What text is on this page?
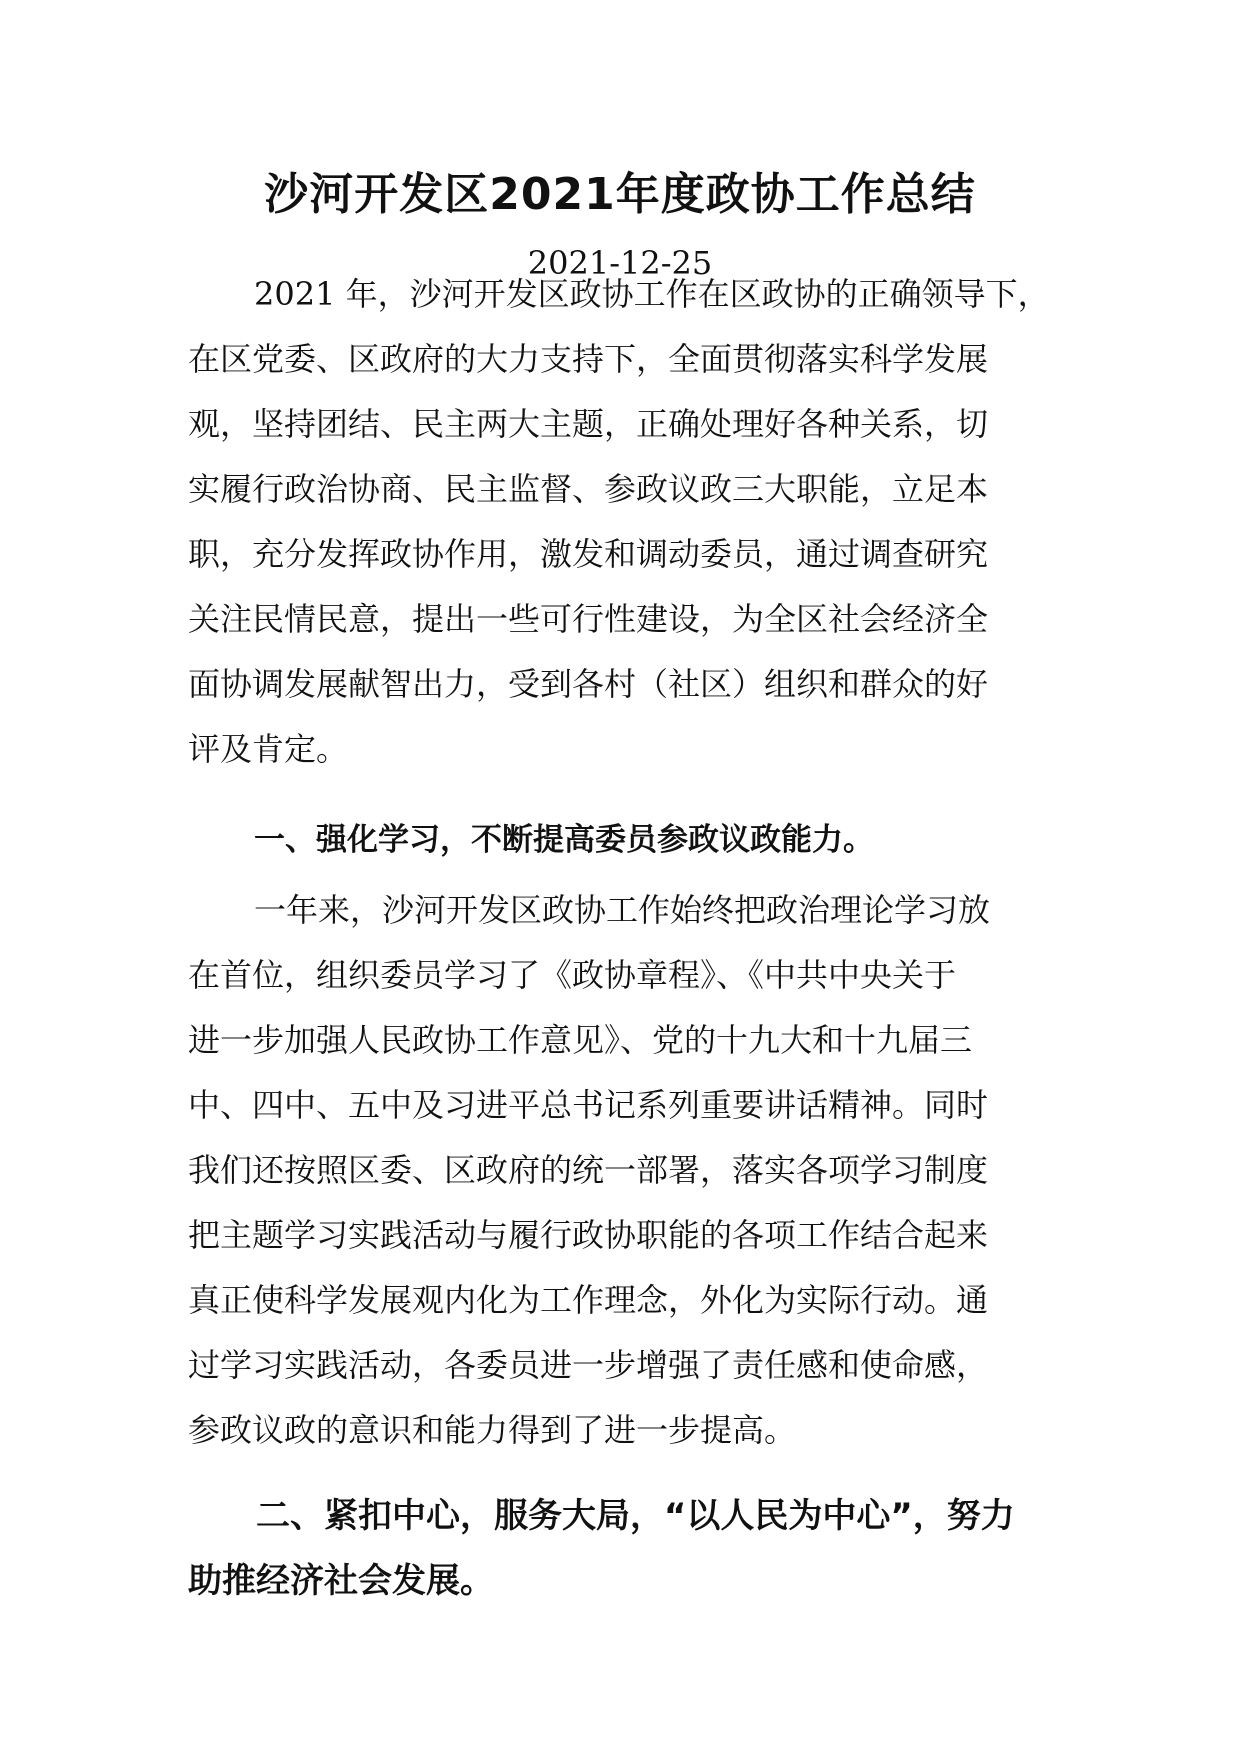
沙河开发区2021年度政协工作总结
2021-12-25
2021 年，沙河开发区政协工作在区政协的正确领导下，
在区党委、区政府的大力支持下，全面贯彻落实科学发展
观，坚持团结、民主两大主题，正确处理好各种关系，切
实履行政治协商、民主监督、参政议政三大职能，立足本
职，充分发挥政协作用，激发和调动委员，通过调查研究
关注民情民意，提出一些可行性建设，为全区社会经济全
面协调发展献智出力，受到各村（社区）组织和群众的好
评及肯定。
一、强化学习，不断提高委员参政议政能力。
一年来，沙河开发区政协工作始终把政治理论学习放
在首位，组织委员学习了《政协章程》、《中共中央关于
进一步加强人民政协工作意见》、党的十九大和十九届三
中、四中、五中及习进平总书记系列重要讲话精神。同时
我们还按照区委、区政府的统一部署，落实各项学习制度
把主题学习实践活动与履行政协职能的各项工作结合起来
真正使科学发展观内化为工作理念，外化为实际行动。通
过学习实践活动，各委员进一步增强了责任感和使命感，
参政议政的意识和能力得到了进一步提高。
二、紧扣中心，服务大局，“以人民为中心”，努力
助推经济社会发展。
